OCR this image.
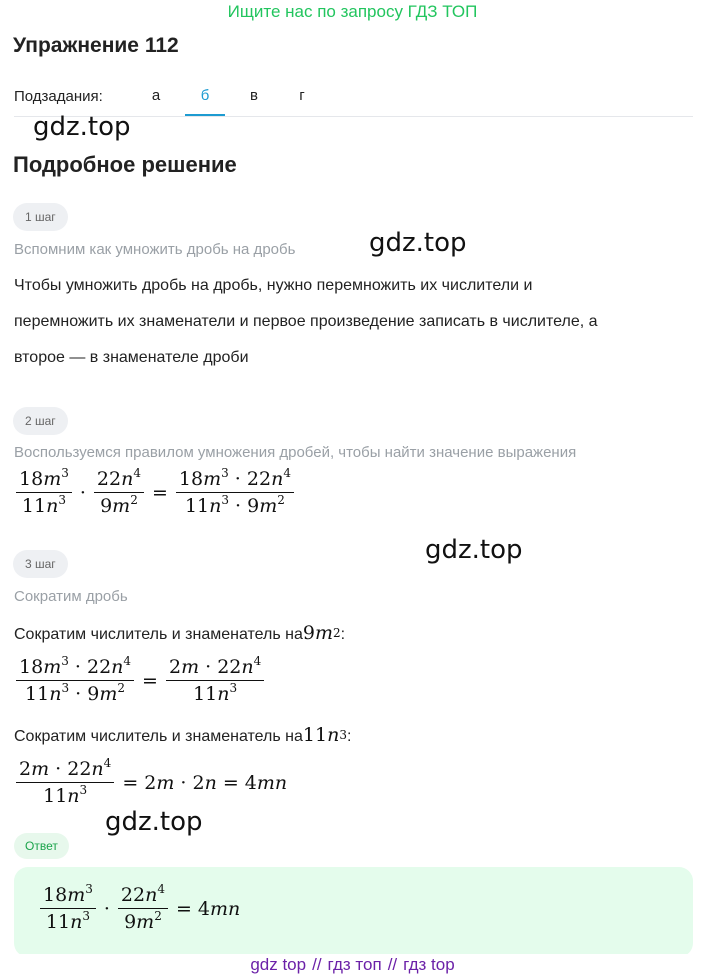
Ищите нас по запросу ГДЗ ТОП
Упражнение 112
Подзадания:	а	б	в	г
gdz.top
gdz.top
gdz.top
gdz.top
Подробное решение
1 шаг
Вспомним как умножить дробь на дробь
Чтобы умножить дробь на дробь, нужно перемножить их числители и
перемножить их знаменатели и первое произведение записать в числителе, а
второе — в знаменателе дроби
2 шаг
Воспользуемся правилом умножения дробей, чтобы найти значение выражения
$\frac{18m^3}{11n^3} \cdot \frac{22n^4}{9m^2} = \frac{18m^3 \cdot 22n^4}{11n^3 \cdot 9m^2}$
3 шаг
Сократим дробь
Сократим числитель и знаменатель на 9 m 2 :
$\frac{18m^3 \cdot 22n^4}{11n^3 \cdot 9m^2} = \frac{2m \cdot 22n^4}{11n^3}$
Сократим числитель и знаменатель на 11 n 3 :
$\frac{2m \cdot 22n^4}{11n^3} = 2m \cdot 2n = 4mn$
Ответ
$\frac{18m^3}{11n^3} \cdot \frac{22n^4}{9m^2} = 4mn$
gdz top // гдз топ // гдз top
